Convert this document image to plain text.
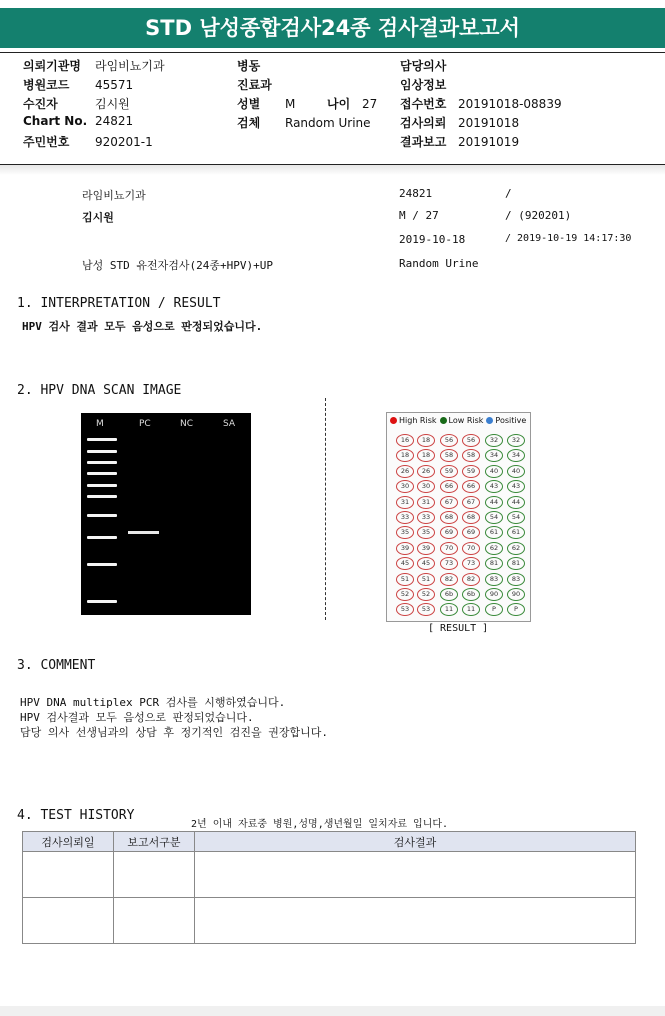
STD 남성종합검사24종 검사결과보고서
의뢰기관명 라임비뇨기과
병원코드 45571
수진자	김시원
Chart No. 24821
주민번호 920201-1
병동
진료과
성별 M
검체 Random Urine
담당의사
임상정보
접수번호 20191018-08839
검사의뢰 20191018
결과보고 20191019
나이 27
라임비뇨기과	24821	/
김시원	M / 27	/ (920201)
2019-10-18	/ 2019-10-19 14:17:30
남성 STD 유전자검사(24종+HPV)+UP	Random Urine
1. INTERPRETATION / RESULT
HPV 검사 결과 모두 음성으로 판정되었습니다.
2. HPV DNA SCAN IMAGE
M	PC	NC	SA	High Risk Low Risk Positive
16	18	56	56	32	32
18	18	58	58	34	34
26	26	59	59	40	40
30	30	66	66	43	43
31	31	67	67	44	44
33	33	68	68	54	54
35	35	69	69	61	61
39	39	70	70	62	62
45	45	73	73	81	81
51	51	82	82	83	83
52	52	6b	6b	90	90
53	53	11	11	P	P
[ RESULT ]
3. COMMENT
HPV DNA multiplex PCR 검사를 시행하였습니다.
HPV 검사결과 모두 음성으로 판정되었습니다.
담당 의사 선생님과의 상담 후 정기적인 검진을 권장합니다.
4. TEST HISTORY
2년 이내 자료중 병원,성명,생년월일 일치자료 입니다.
검사의뢰일	보고서구분	검사결과
